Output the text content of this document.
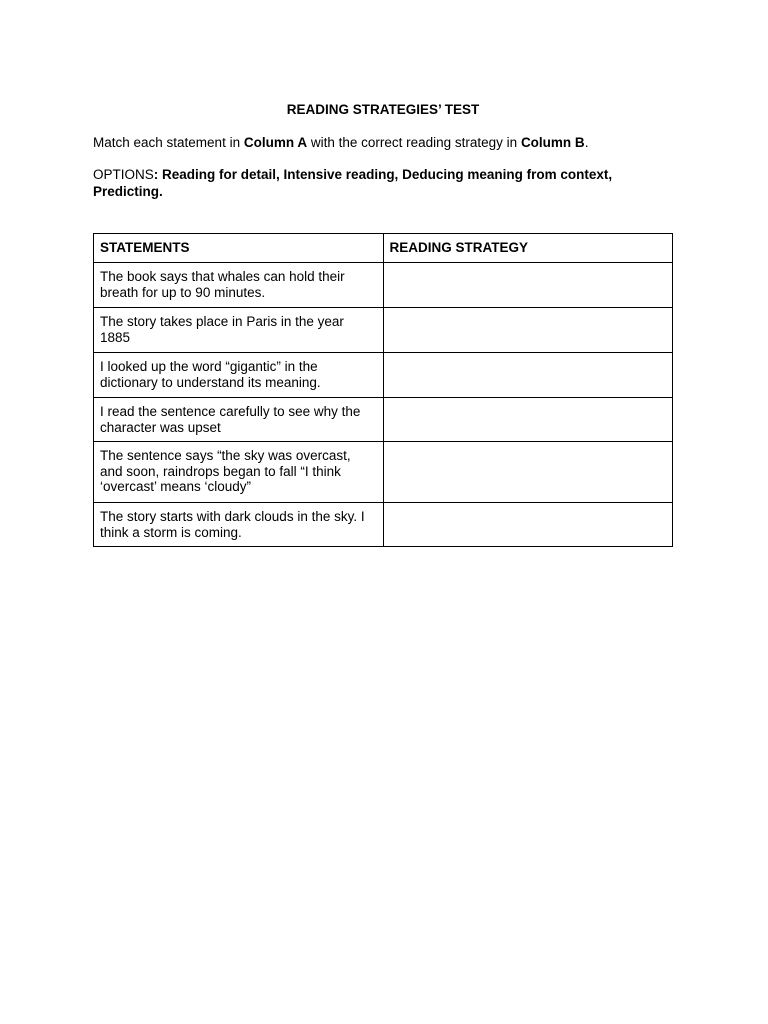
READING STRATEGIES’ TEST
Match each statement in Column A with the correct reading strategy in Column B.
OPTIONS: Reading for detail, Intensive reading, Deducing meaning from context, Predicting.
STATEMENTS	READING STRATEGY
The book says that whales can hold their breath for up to 90 minutes.	
The story takes place in Paris in the year 1885	
I looked up the word “gigantic” in the dictionary to understand its meaning.	
I read the sentence carefully to see why the character was upset	
The sentence says “the sky was overcast, and soon, raindrops began to fall “I think ‘overcast’ means ‘cloudy”	
The story starts with dark clouds in the sky. I think a storm is coming.	
